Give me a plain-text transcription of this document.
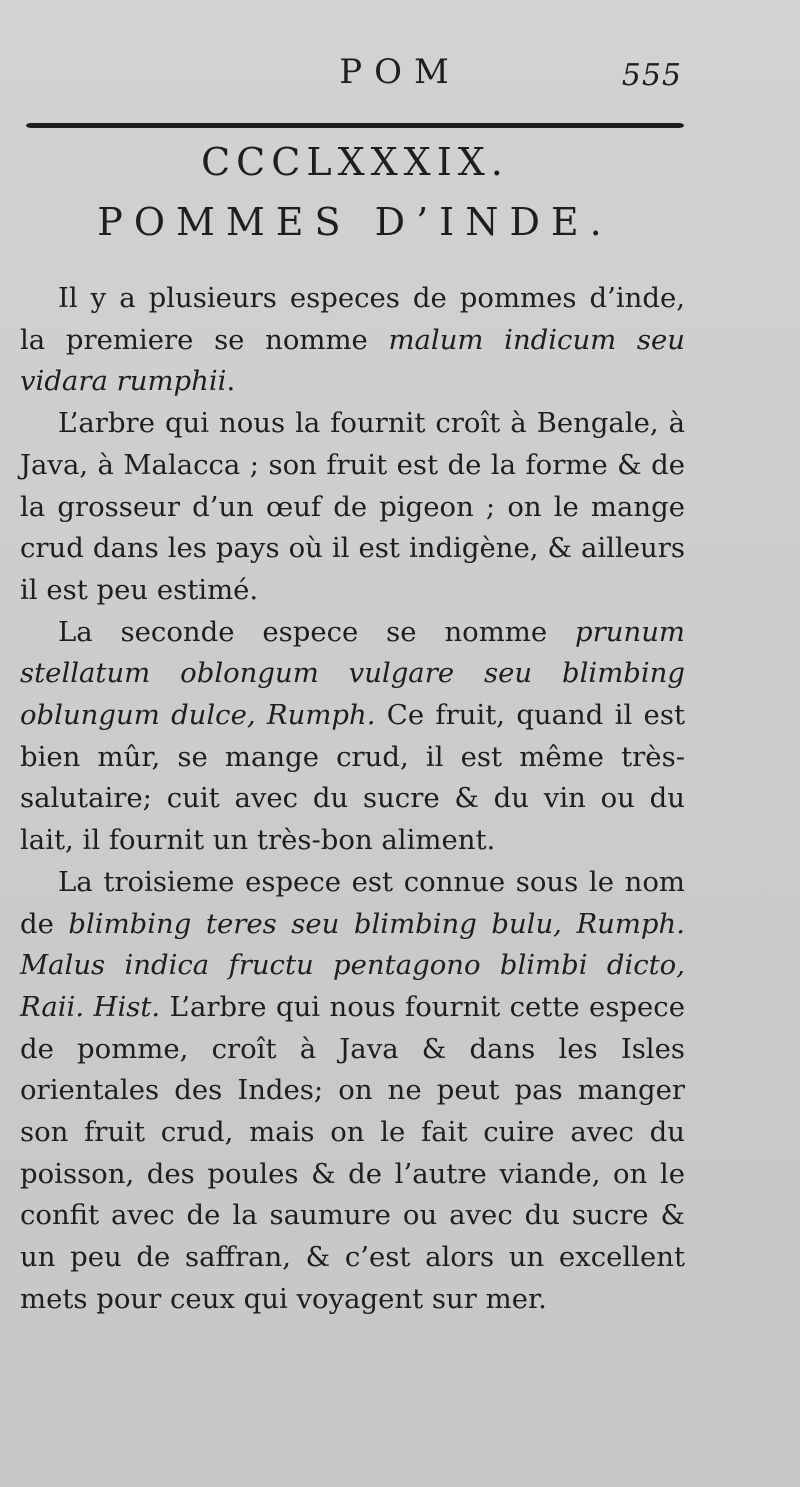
POM	555
CCCLXXXIX.
POMMES D’INDE.

Il y a plusieurs especes de pommes d’inde, la premiere se nomme malum indicum seu vidara rumphii.

L’arbre qui nous la fournit croît à Bengale, à Java, à Malacca ; son fruit est de la forme & de la grosseur d’un œuf de pigeon ; on le mange crud dans les pays où il est indigène, & ailleurs il est peu estimé.

La seconde espece se nomme prunum stellatum oblongum vulgare seu blimbing oblungum dulce, Rumph. Ce fruit, quand il est bien mûr, se mange crud, il est même très-salutaire; cuit avec du sucre & du vin ou du lait, il fournit un très-bon aliment.

La troisieme espece est connue sous le nom de blimbing teres seu blimbing bulu, Rumph. Malus indica fructu pentagono blimbi dicto, Raii. Hist. L’arbre qui nous fournit cette espece de pomme, croît à Java & dans les Isles orientales des Indes; on ne peut pas manger son fruit crud, mais on le fait cuire avec du poisson, des poules & de l’autre viande, on le confit avec de la saumure ou avec du sucre & un peu de saffran, & c’est alors un excellent mets pour ceux qui voyagent sur mer.
